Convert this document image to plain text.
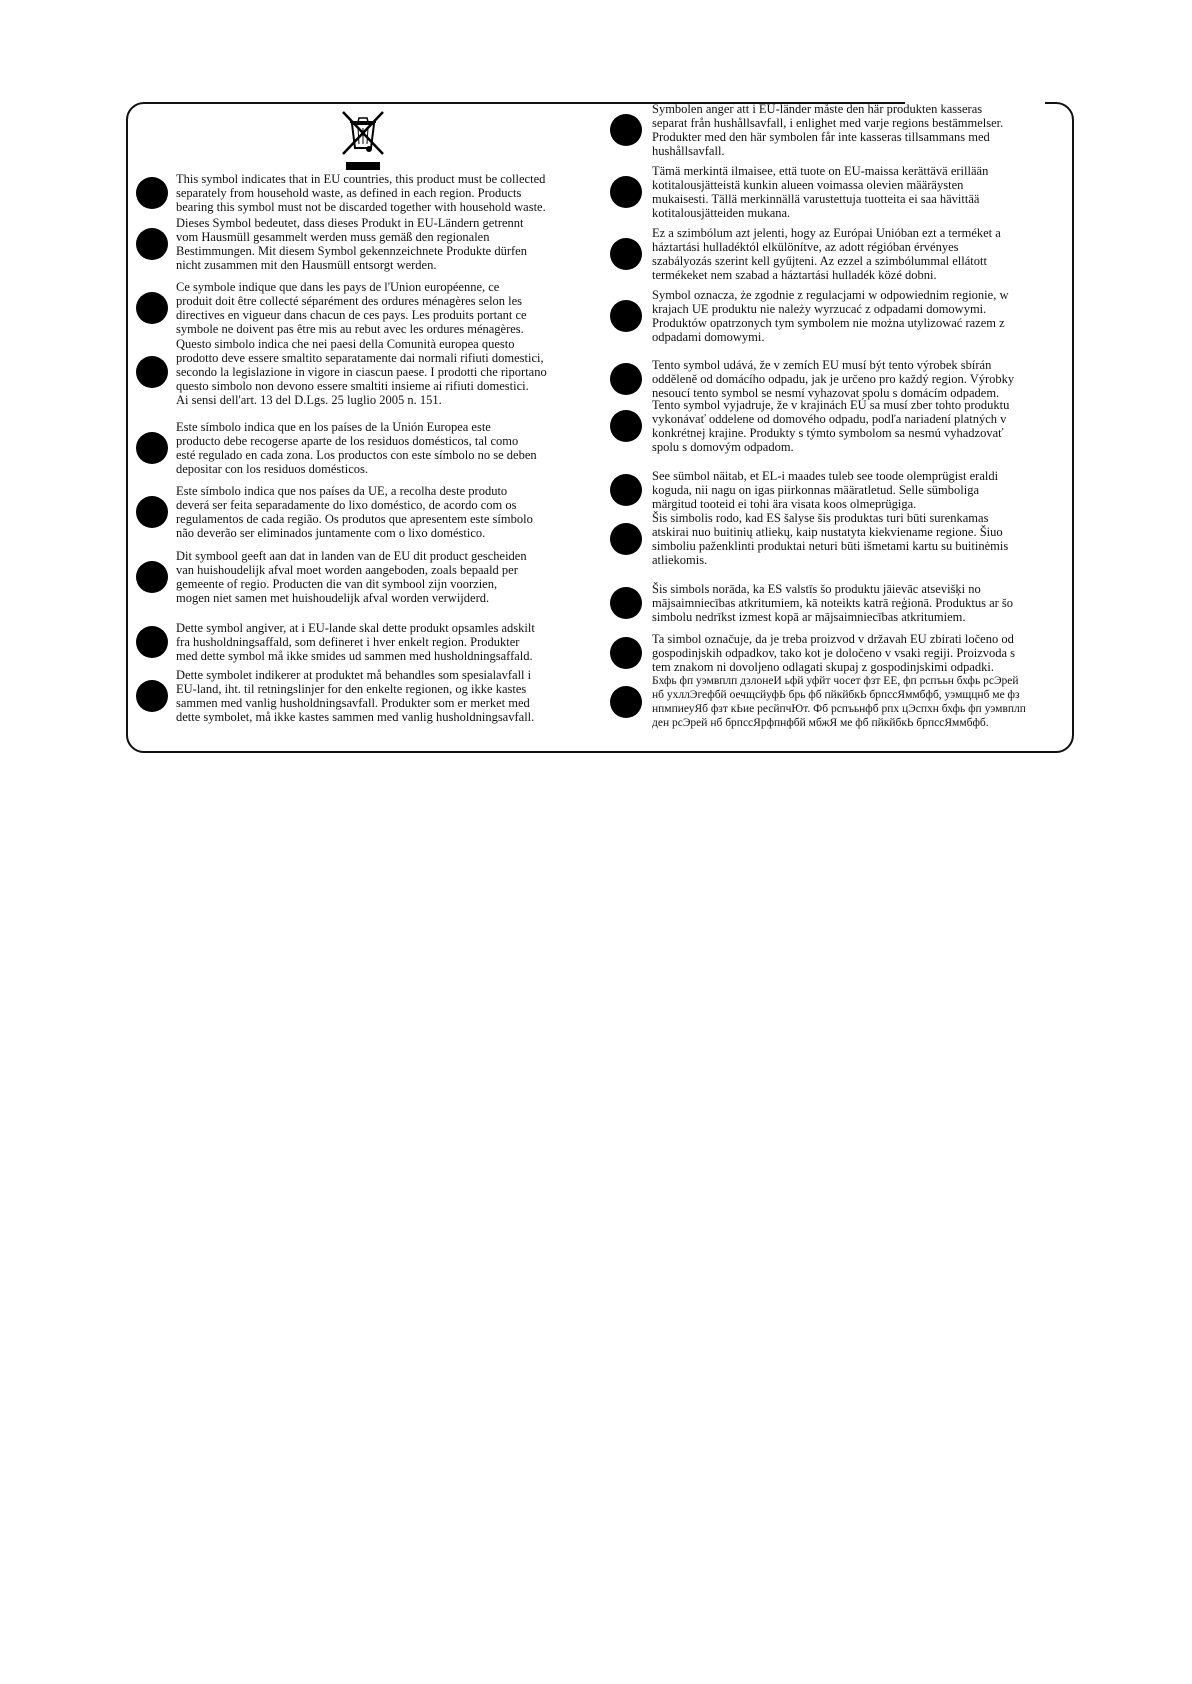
This symbol indicates that in EU countries, this product must be collected
separately from household waste, as defined in each region. Products
bearing this symbol must not be discarded together with household waste.
Dieses Symbol bedeutet, dass dieses Produkt in EU-Ländern getrennt
vom Hausmüll gesammelt werden muss gemäß den regionalen
Bestimmungen. Mit diesem Symbol gekennzeichnete Produkte dürfen
nicht zusammen mit den Hausmüll entsorgt werden.
Ce symbole indique que dans les pays de l'Union européenne, ce
produit doit être collecté séparément des ordures ménagères selon les
directives en vigueur dans chacun de ces pays. Les produits portant ce
symbole ne doivent pas être mis au rebut avec les ordures ménagères.
Questo simbolo indica che nei paesi della Comunità europea questo
prodotto deve essere smaltito separatamente dai normali rifiuti domestici,
secondo la legislazione in vigore in ciascun paese. I prodotti che riportano
questo simbolo non devono essere smaltiti insieme ai rifiuti domestici.
Ai sensi dell'art. 13 del D.Lgs. 25 luglio 2005 n. 151.
Este símbolo indica que en los países de la Unión Europea este
producto debe recogerse aparte de los residuos domésticos, tal como
esté regulado en cada zona. Los productos con este símbolo no se deben
depositar con los residuos domésticos.
Este símbolo indica que nos países da UE, a recolha deste produto
deverá ser feita separadamente do lixo doméstico, de acordo com os
regulamentos de cada região. Os produtos que apresentem este símbolo
não deverão ser eliminados juntamente com o lixo doméstico.
Dit symbool geeft aan dat in landen van de EU dit product gescheiden
van huishoudelijk afval moet worden aangeboden, zoals bepaald per
gemeente of regio. Producten die van dit symbool zijn voorzien,
mogen niet samen met huishoudelijk afval worden verwijderd.
Dette symbol angiver, at i EU-lande skal dette produkt opsamles adskilt
fra husholdningsaffald, som defineret i hver enkelt region. Produkter
med dette symbol må ikke smides ud sammen med husholdningsaffald.
Dette symbolet indikerer at produktet må behandles som spesialavfall i
EU-land, iht. til retningslinjer for den enkelte regionen, og ikke kastes
sammen med vanlig husholdningsavfall. Produkter som er merket med
dette symbolet, må ikke kastes sammen med vanlig husholdningsavfall.
Symbolen anger att i EU-länder måste den här produkten kasseras
separat från hushållsavfall, i enlighet med varje regions bestämmelser.
Produkter med den här symbolen får inte kasseras tillsammans med
hushållsavfall.
Tämä merkintä ilmaisee, että tuote on EU-maissa kerättävä erillään
kotitalousjätteistä kunkin alueen voimassa olevien määräysten
mukaisesti. Tällä merkinnällä varustettuja tuotteita ei saa hävittää
kotitalousjätteiden mukana.
Ez a szimbólum azt jelenti, hogy az Európai Unióban ezt a terméket a
háztartási hulladéktól elkülönítve, az adott régióban érvényes
szabályozás szerint kell gyűjteni. Az ezzel a szimbólummal ellátott
termékeket nem szabad a háztartási hulladék közé dobni.
Symbol oznacza, że zgodnie z regulacjami w odpowiednim regionie, w
krajach UE produktu nie należy wyrzucać z odpadami domowymi.
Produktów opatrzonych tym symbolem nie można utylizować razem z
odpadami domowymi.
Tento symbol udává, že v zemích EU musí být tento výrobek sbírán
odděleně od domácího odpadu, jak je určeno pro každý region. Výrobky
nesoucí tento symbol se nesmí vyhazovat spolu s domácím odpadem.
Tento symbol vyjadruje, že v krajinách EÚ sa musí zber tohto produktu
vykonávať oddelene od domového odpadu, podľa nariadení platných v
konkrétnej krajine. Produkty s týmto symbolom sa nesmú vyhadzovať
spolu s domovým odpadom.
See sümbol näitab, et EL-i maades tuleb see toode olemprügist eraldi
koguda, nii nagu on igas piirkonnas määratletud. Selle sümboliga
märgitud tooteid ei tohi ära visata koos olmeprügiga.
Šis simbolis rodo, kad ES šalyse šis produktas turi būti surenkamas
atskirai nuo buitinių atliekų, kaip nustatyta kiekviename regione. Šiuo
simboliu paženklinti produktai neturi būti išmetami kartu su buitinėmis
atliekomis.
Šis simbols norāda, ka ES valstīs šo produktu jāievāc atsevišķi no
mājsaimniecības atkritumiem, kā noteikts katrā reģionā. Produktus ar šo
simbolu nedrīkst izmest kopā ar mājsaimniecības atkritumiem.
Ta simbol označuje, da je treba proizvod v državah EU zbirati ločeno od
gospodinjskih odpadkov, tako kot je določeno v vsaki regiji. Proizvoda s
tem znakom ni dovoljeno odlagati skupaj z gospodinjskimi odpadki.
Бхфь фп уэмвплп дзлонеИ ьфй уфйт чосет фзт ЕЕ, фп рспъьн бхфь рсЭрей
нб ухллЭгефбй оечщсйуфЬ брь фб пйкйбкЬ брпссЯммбфб, уэмщцнб ме фз
нпмпиеуЯб фзт кЬие ресйпчЮт. Фб рспъьнфб рпх цЭспхн бхфь фп уэмвплп
ден рсЭрей нб брпссЯрфпнфбй мбжЯ ме фб пйкйбкЬ брпссЯммбфб.
